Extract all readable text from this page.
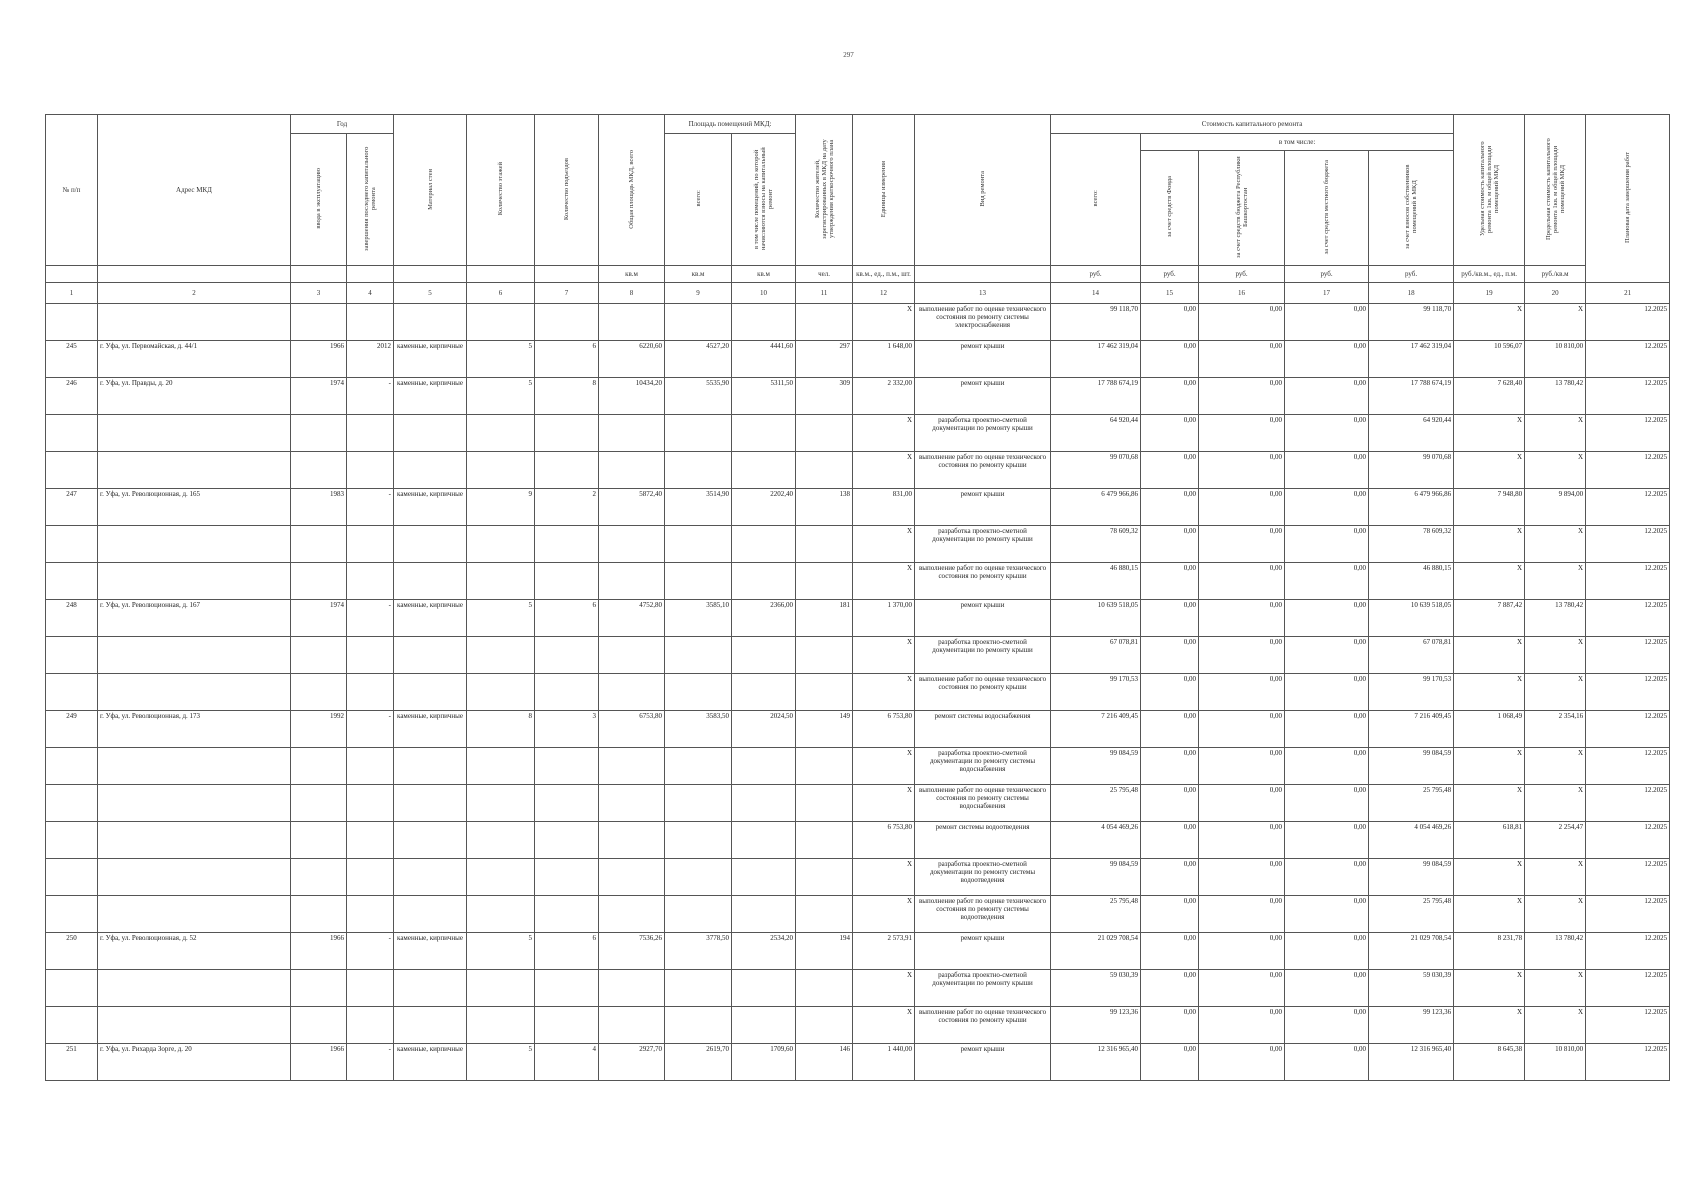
297
№ п/п	Адрес МКД	Год		Материал стен	Количество этажей	Количество подъездов	Общая площадь МКД, всего	Площадь помещений МКД:		Количество жителей, зарегистрированных в МКД на дату утверждения краткосрочного плана	Единицы измерения	Вид ремонта	Стоимость капитального ремонта					Удельная стоимость капитального ремонта 1кв. м общей площади помещений МКД	Предельная стоимость капитального ремонта 1кв. м общей площади помещений МКД	Плановая дата завершения работ
		ввода в эксплуатацию	завершения последнего капитального ремонта					всего:	в том числе помещений, по которой начисляются взносы на капитальный ремонт				всего:	в том числе:						
														за счет средств Фонда	за счет средств бюджета Республики Башкортостан	за счет средств местного бюджета	за счет взносов собственников помещений в МКД			
							кв.м	кв.м	кв.м	чел.	кв.м., ед., п.м., шт.		руб.	руб.	руб.	руб.	руб.	руб./кв.м., ед., п.м.	руб./кв.м	
1	2	3	4	5	6	7	8	9	10	11	12	13	14	15	16	17	18	19	20	21
											X	выполнение работ по оценке технического состояния по ремонту системы электроснабжения	99 118,70	0,00	0,00	0,00	99 118,70	X	X	12.2025
245	г. Уфа, ул. Первомайская, д. 44/1	1966	2012	каменные, кирпичные	5	6	6220,60	4527,20	4441,60	297	1 648,00	ремонт крыши	17 462 319,04	0,00	0,00	0,00	17 462 319,04	10 596,07	10 810,00	12.2025
246	г. Уфа, ул. Правды, д. 20	1974	-	каменные, кирпичные	5	8	10434,20	5535,90	5311,50	309	2 332,00	ремонт крыши	17 788 674,19	0,00	0,00	0,00	17 788 674,19	7 628,40	13 780,42	12.2025
											X	разработка проектно-сметной документации по ремонту крыши	64 920,44	0,00	0,00	0,00	64 920,44	X	X	12.2025
											X	выполнение работ по оценке технического состояния по ремонту крыши	99 070,68	0,00	0,00	0,00	99 070,68	X	X	12.2025
247	г. Уфа, ул. Революционная, д. 165	1983	-	каменные, кирпичные	9	2	5872,40	3514,90	2202,40	138	831,00	ремонт крыши	6 479 966,86	0,00	0,00	0,00	6 479 966,86	7 948,80	9 894,00	12.2025
											X	разработка проектно-сметной документации по ремонту крыши	78 609,32	0,00	0,00	0,00	78 609,32	X	X	12.2025
											X	выполнение работ по оценке технического состояния по ремонту крыши	46 880,15	0,00	0,00	0,00	46 880,15	X	X	12.2025
248	г. Уфа, ул. Революционная, д. 167	1974	-	каменные, кирпичные	5	6	4752,80	3585,10	2366,00	181	1 370,00	ремонт крыши	10 639 518,05	0,00	0,00	0,00	10 639 518,05	7 887,42	13 780,42	12.2025
											X	разработка проектно-сметной документации по ремонту крыши	67 078,81	0,00	0,00	0,00	67 078,81	X	X	12.2025
											X	выполнение работ по оценке технического состояния по ремонту крыши	99 170,53	0,00	0,00	0,00	99 170,53	X	X	12.2025
249	г. Уфа, ул. Революционная, д. 173	1992	-	каменные, кирпичные	8	3	6753,80	3583,50	2024,50	149	6 753,80	ремонт системы водоснабжения	7 216 409,45	0,00	0,00	0,00	7 216 409,45	1 068,49	2 354,16	12.2025
											X	разработка проектно-сметной документации по ремонту системы водоснабжения	99 084,59	0,00	0,00	0,00	99 084,59	X	X	12.2025
											X	выполнение работ по оценке технического состояния по ремонту системы водоснабжения	25 795,48	0,00	0,00	0,00	25 795,48	X	X	12.2025
											6 753,80	ремонт системы водоотведения	4 054 469,26	0,00	0,00	0,00	4 054 469,26	618,81	2 254,47	12.2025
											X	разработка проектно-сметной документации по ремонту системы водоотведения	99 084,59	0,00	0,00	0,00	99 084,59	X	X	12.2025
											X	выполнение работ по оценке технического состояния по ремонту системы водоотведения	25 795,48	0,00	0,00	0,00	25 795,48	X	X	12.2025
250	г. Уфа, ул. Революционная, д. 52	1966	-	каменные, кирпичные	5	6	7536,26	3778,50	2534,20	194	2 573,91	ремонт крыши	21 029 708,54	0,00	0,00	0,00	21 029 708,54	8 231,78	13 780,42	12.2025
											X	разработка проектно-сметной документации по ремонту крыши	59 030,39	0,00	0,00	0,00	59 030,39	X	X	12.2025
											X	выполнение работ по оценке технического состояния по ремонту крыши	99 123,36	0,00	0,00	0,00	99 123,36	X	X	12.2025
251	г. Уфа, ул. Рихарда Зорге, д. 20	1966	-	каменные, кирпичные	5	4	2927,70	2619,70	1709,60	146	1 440,00	ремонт крыши	12 316 965,40	0,00	0,00	0,00	12 316 965,40	8 645,38	10 810,00	12.2025
